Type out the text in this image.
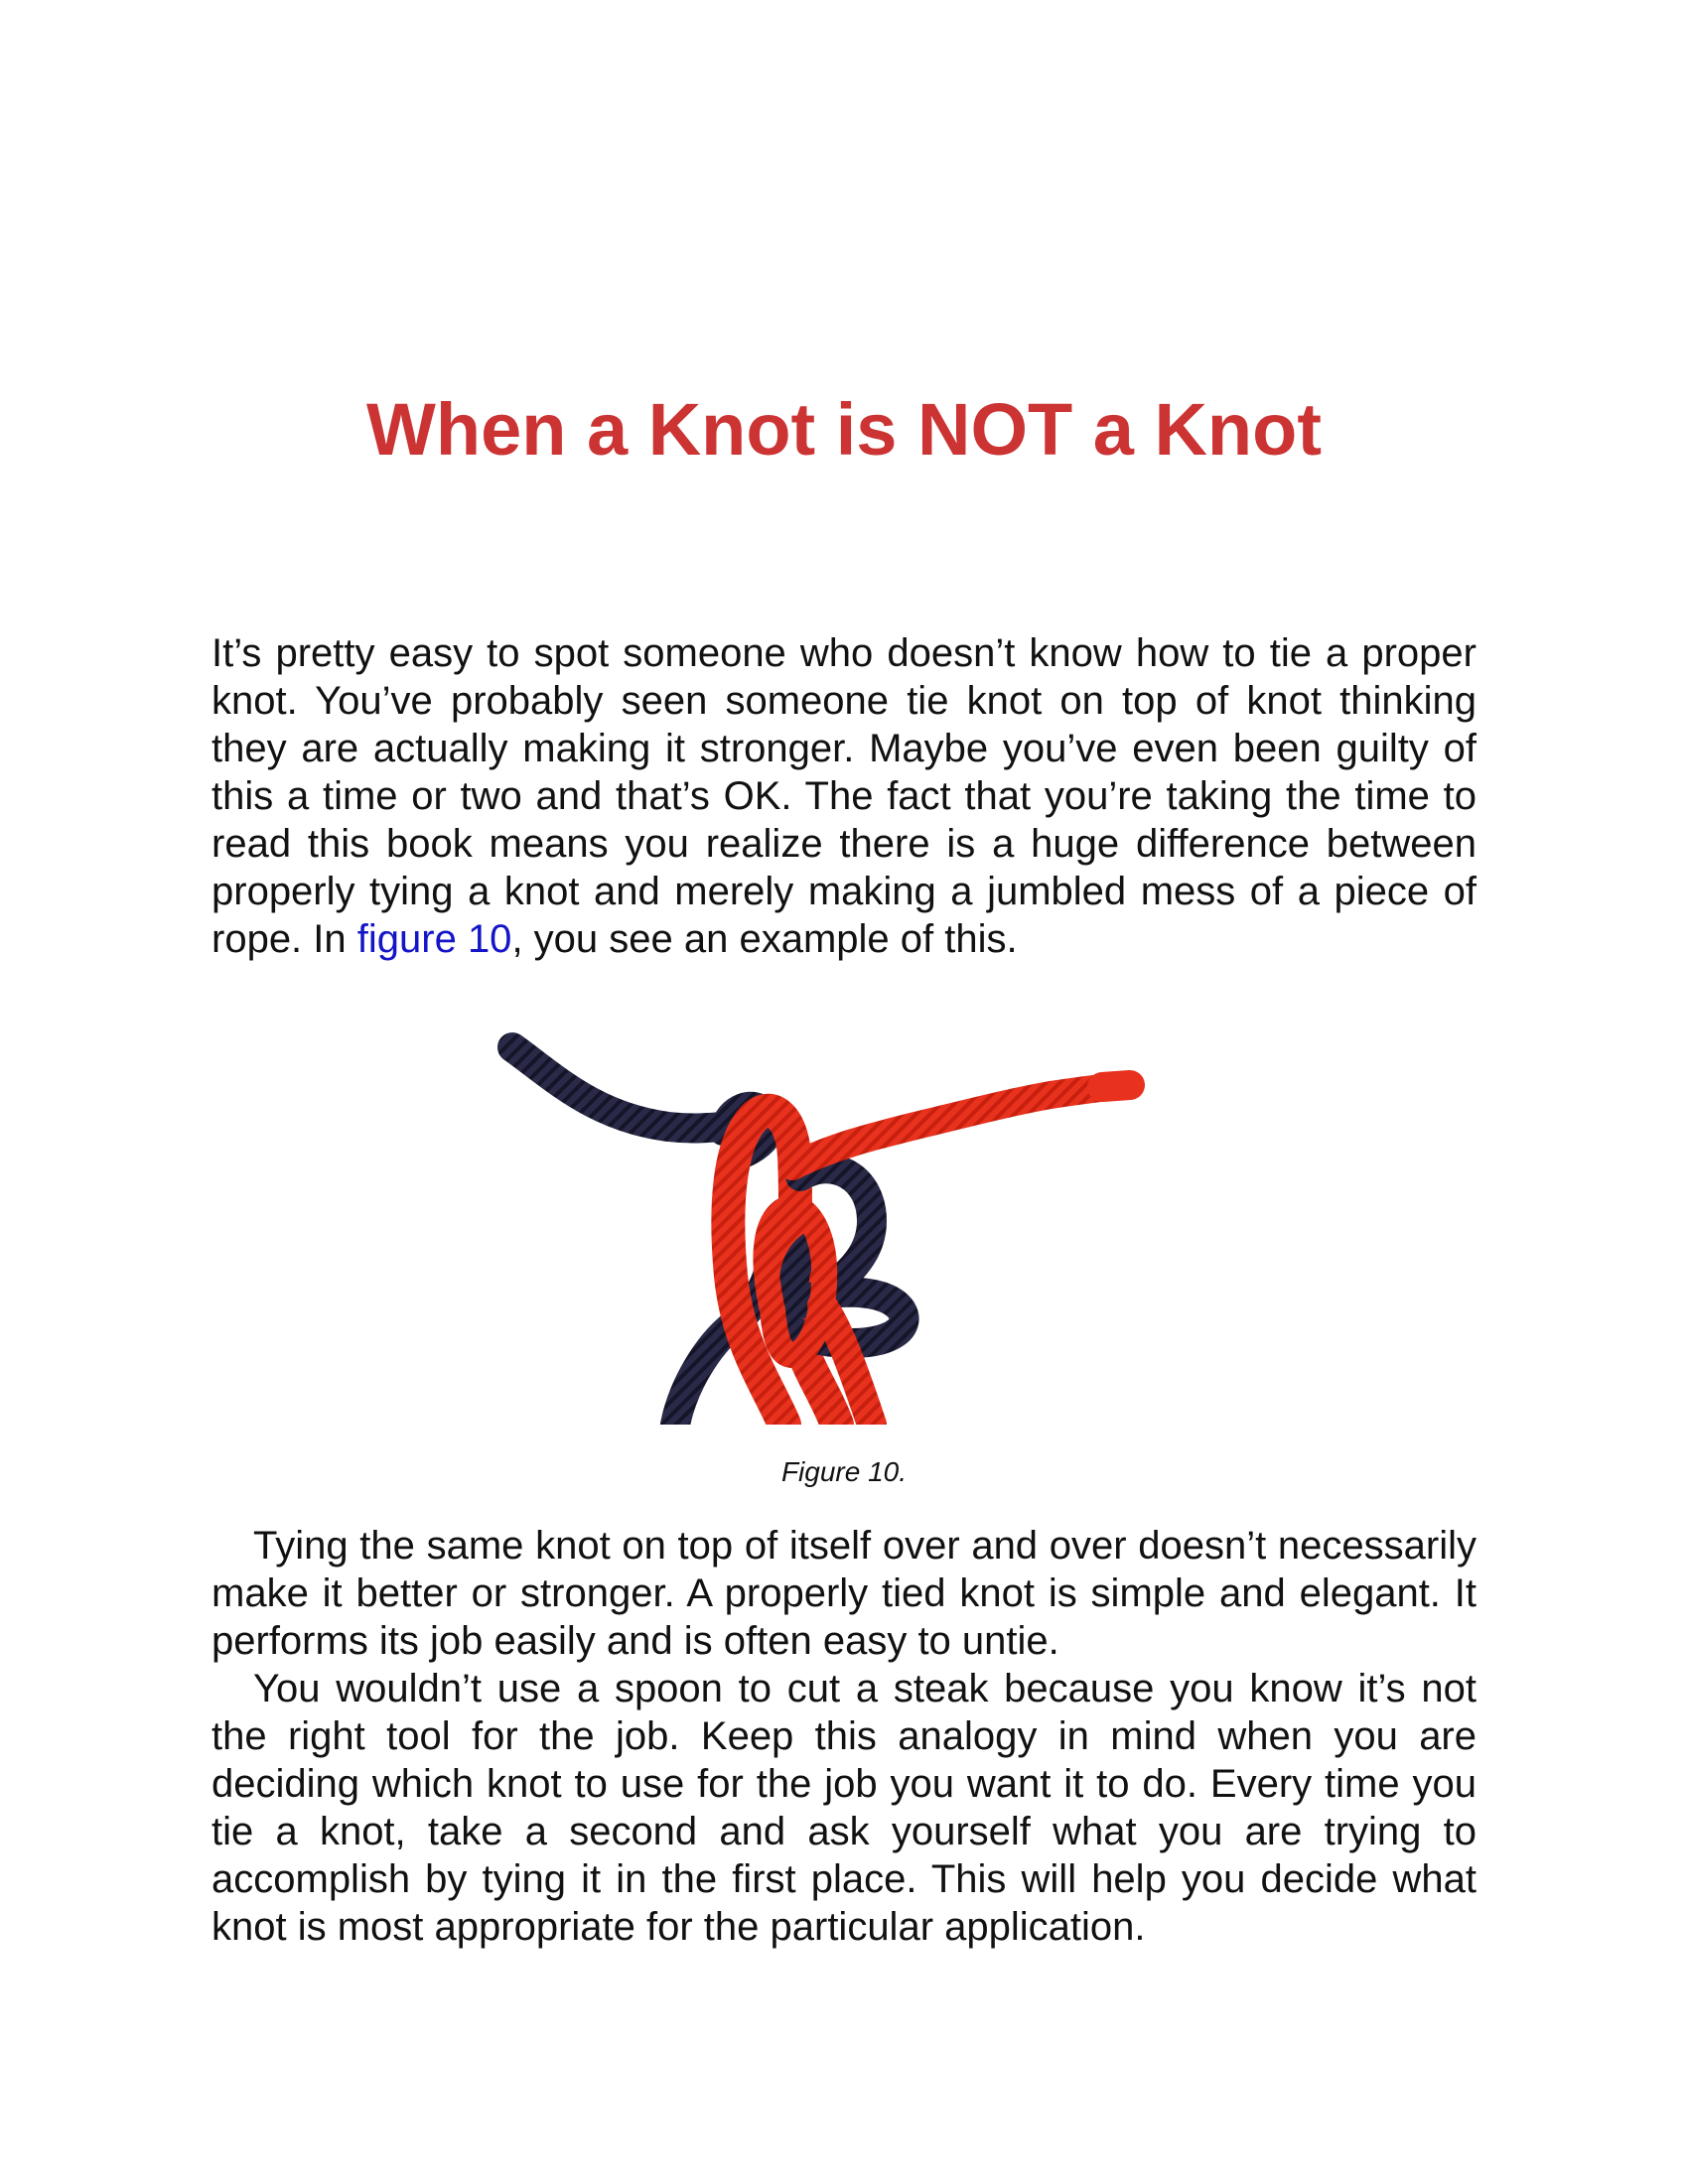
When a Knot is NOT a Knot

It’s pretty easy to spot someone who doesn’t know how to tie a proper knot. You’ve probably seen someone tie knot on top of knot thinking they are actually making it stronger. Maybe you’ve even been guilty of this a time or two and that’s OK. The fact that you’re taking the time to read this book means you realize there is a huge difference between properly tying a knot and merely making a jumbled mess of a piece of rope. In figure 10, you see an example of this.

Figure 10.

Tying the same knot on top of itself over and over doesn’t necessarily make it better or stronger. A properly tied knot is simple and elegant. It performs its job easily and is often easy to untie.

You wouldn’t use a spoon to cut a steak because you know it’s not the right tool for the job. Keep this analogy in mind when you are deciding which knot to use for the job you want it to do. Every time you tie a knot, take a second and ask yourself what you are trying to accomplish by tying it in the first place. This will help you decide what knot is most appropriate for the particular application.
